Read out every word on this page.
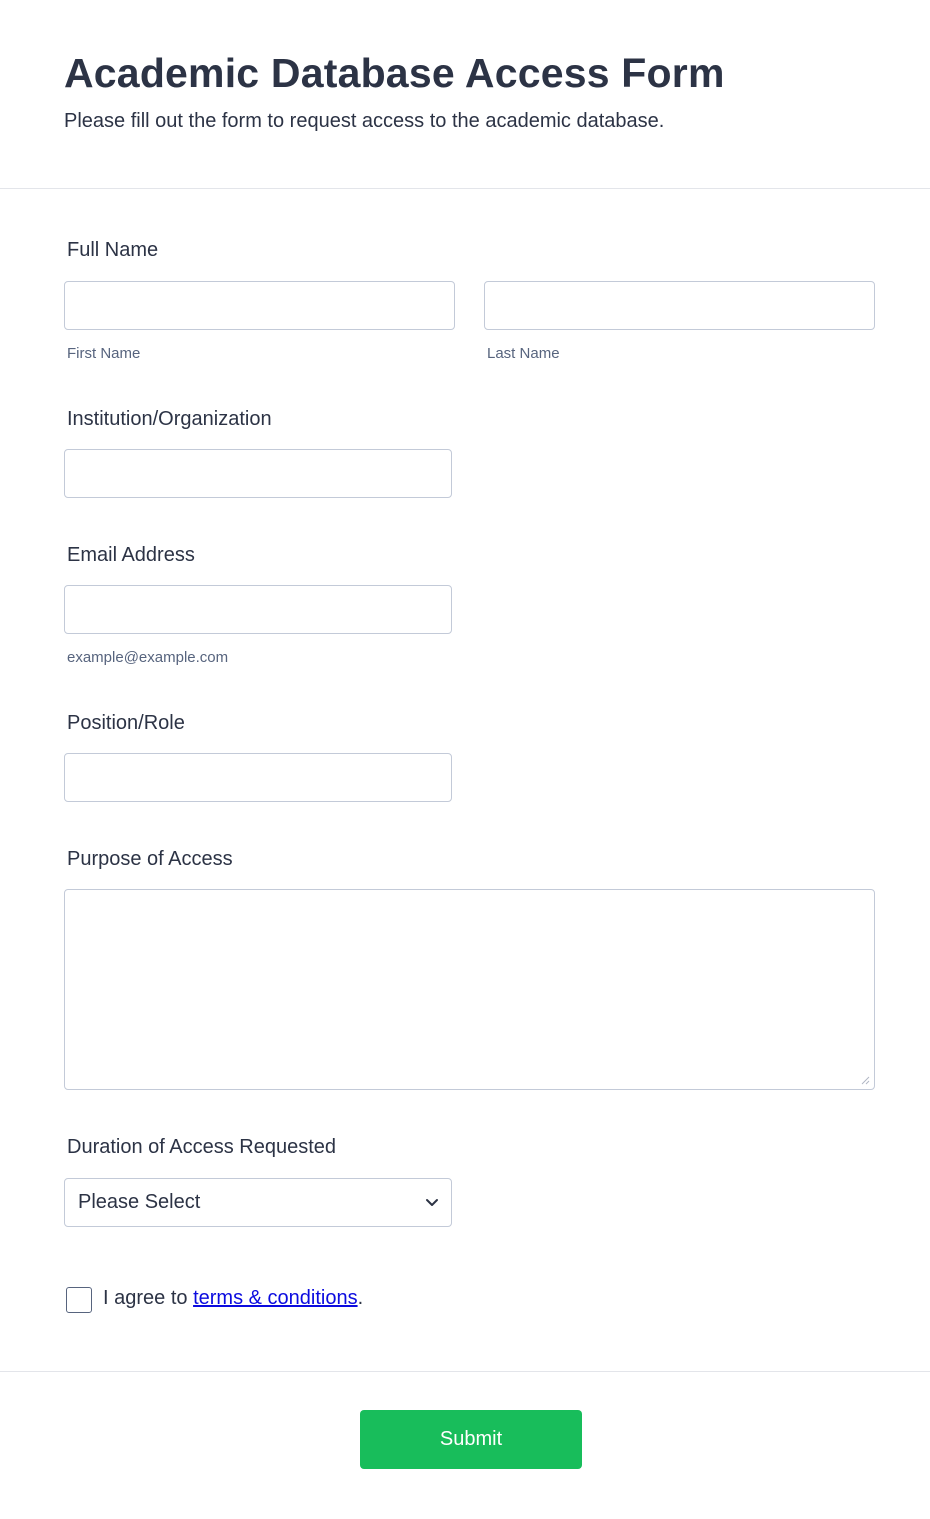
Academic Database Access Form

Please fill out the form to request access to the academic database.

Full Name
First Name	Last Name
Institution/Organization
Email Address
example@example.com
Position/Role
Purpose of Access
Duration of Access Requested
Please Select
I agree to terms & conditions.
Submit
